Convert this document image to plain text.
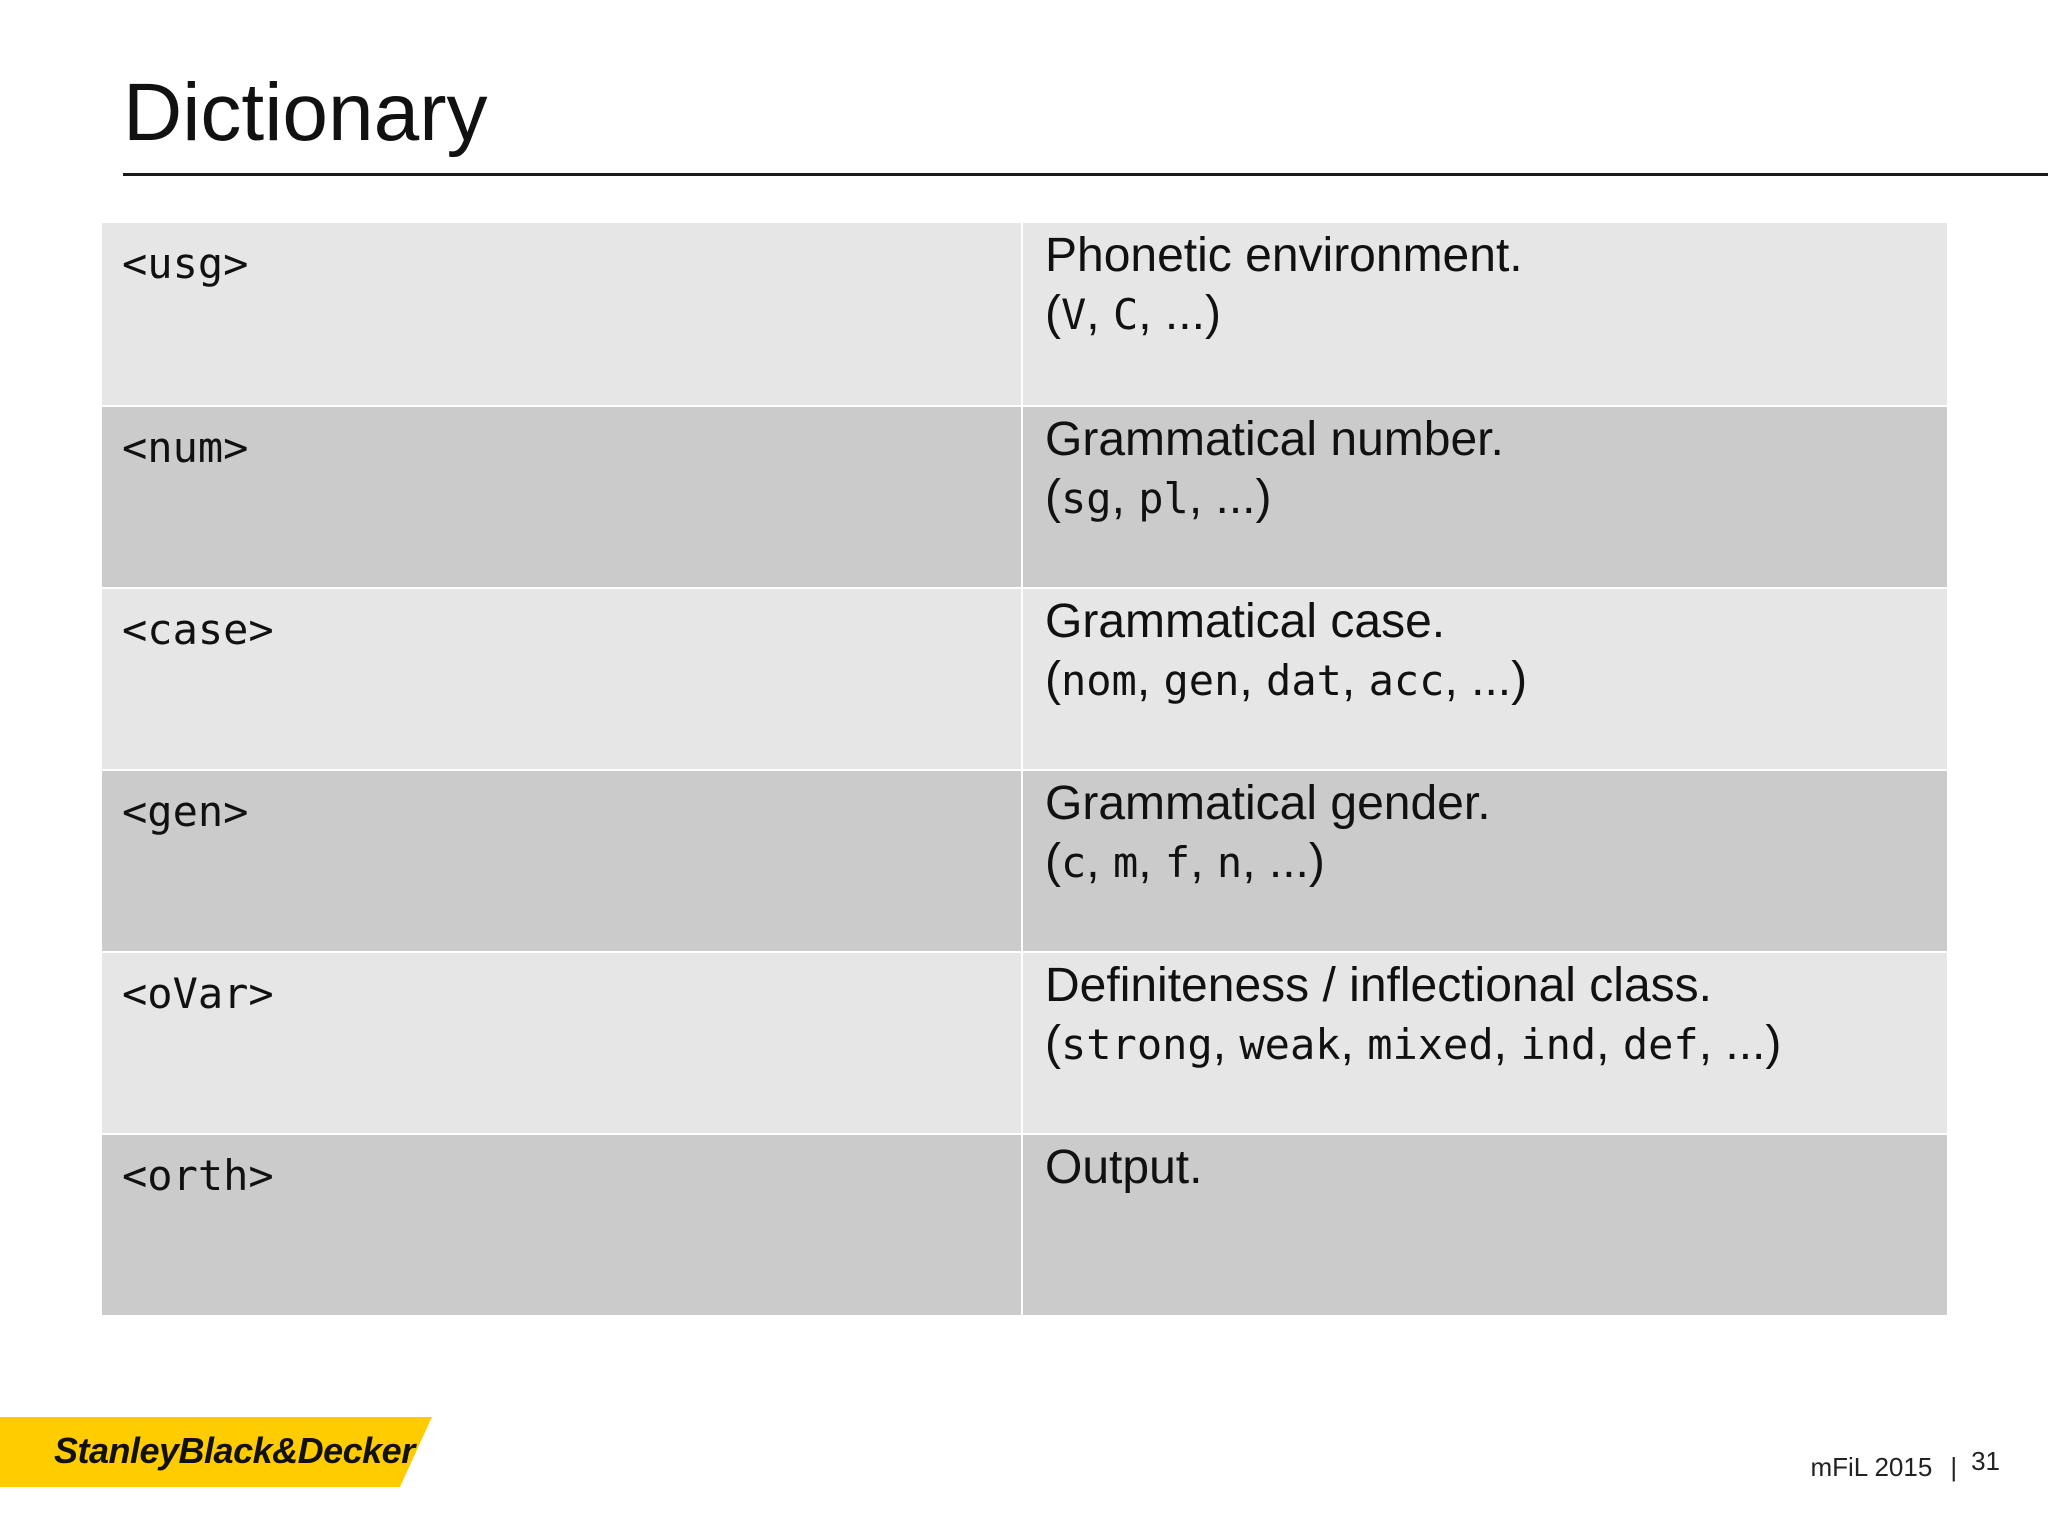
Dictionary
<usg>	Phonetic environment.
(V, C, ...)
<num>	Grammatical number.
(sg, pl, ...)
<case>	Grammatical case.
(nom, gen, dat, acc, ...)
<gen>	Grammatical gender.
(c, m, f, n, ...)
<oVar>	Definiteness / inflectional class.
(strong, weak, mixed, ind, def, ...)
<orth>	Output.
StanleyBlack&Decker	mFiL 2015 | 31
